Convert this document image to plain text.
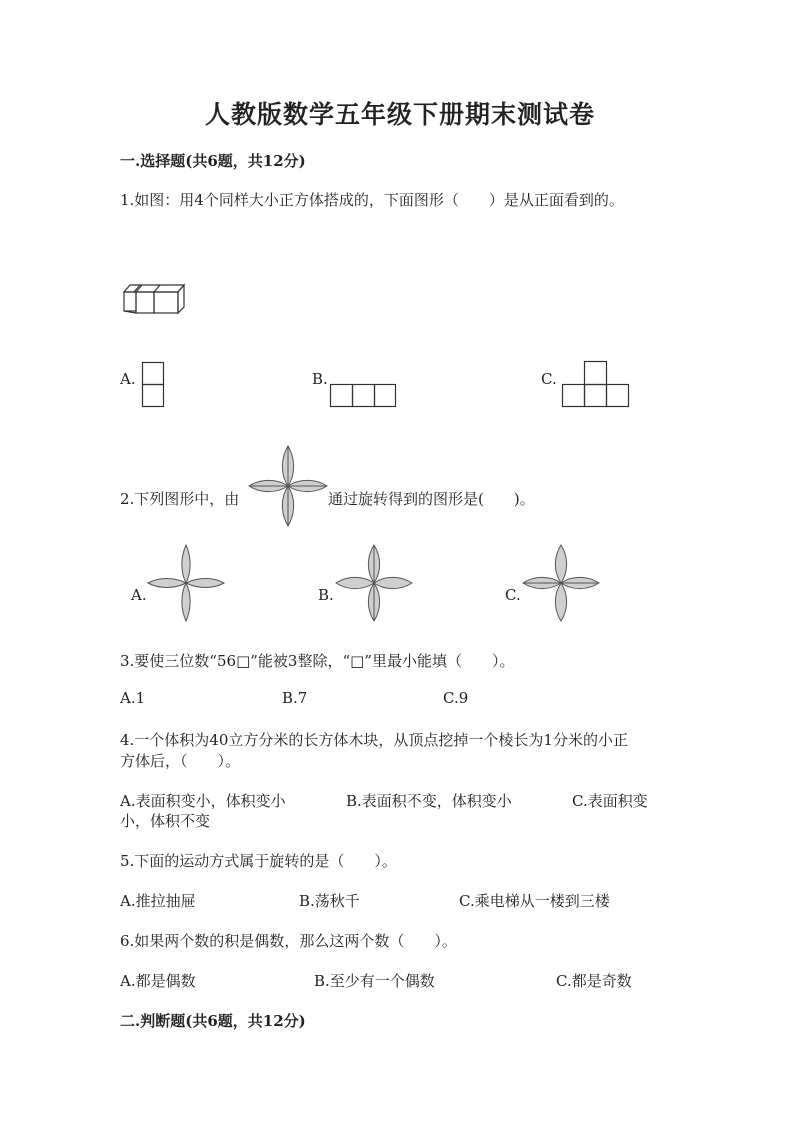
人教版数学五年级下册期末测试卷
一.选择题(共6题，共12分)
1.如图：用4个同样大小正方体搭成的，下面图形（　　）是从正面看到的。
A.	B.	C.
2.下列图形中，由	通过旋转得到的图形是(　　)。
A.	B.	C.
3.要使三位数“56□”能被3整除，“□”里最小能填（　　）。
A.1	B.7	C.9
4.一个体积为40立方分米的长方体木块，从顶点挖掉一个棱长为1分米的小正
方体后，（　　）。
A.表面积变小，体积变小	B.表面积不变，体积变小	C.表面积变
小，体积不变
5.下面的运动方式属于旋转的是（　　）。
A.推拉抽屉	B.荡秋千	C.乘电梯从一楼到三楼
6.如果两个数的积是偶数，那么这两个数（　　）。
A.都是偶数	B.至少有一个偶数	C.都是奇数
二.判断题(共6题，共12分)
